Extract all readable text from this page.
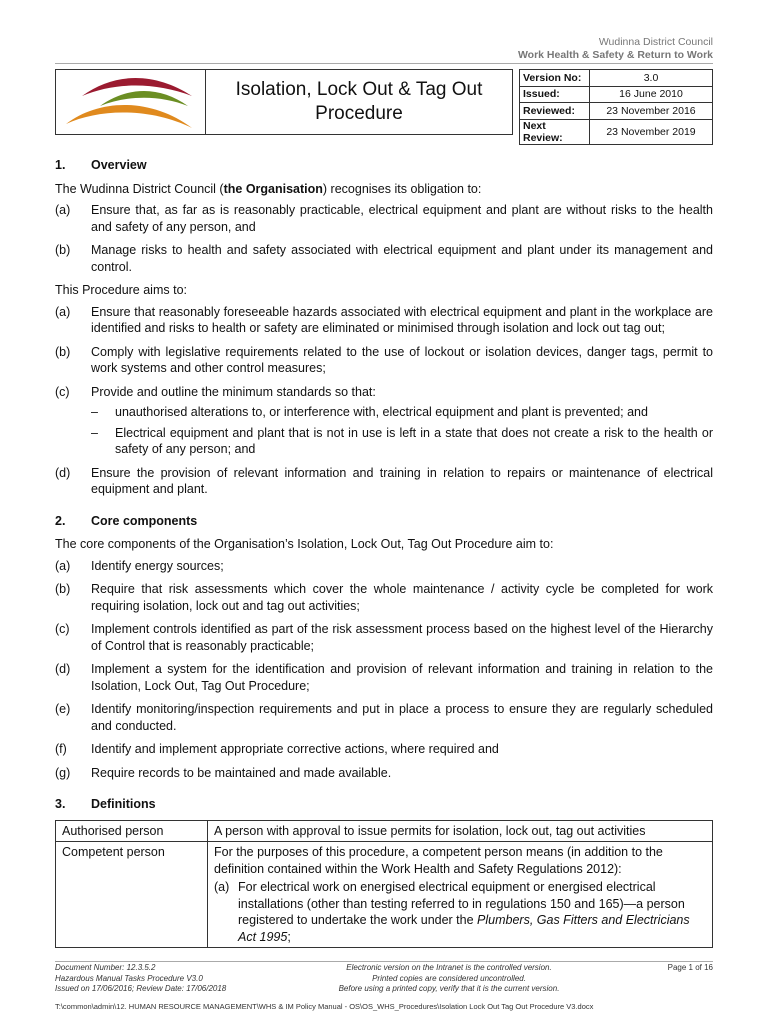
Wudinna District Council
Work Health & Safety & Return to Work
Isolation, Lock Out & Tag Out
Procedure
Version No:	3.0
Issued:	16 June 2010
Reviewed:	23 November 2016
Next Review:	23 November 2019
1.	Overview
The Wudinna District Council (the Organisation) recognises its obligation to:
(a)	Ensure that, as far as is reasonably practicable, electrical equipment and plant are without risks to the health and safety of any person, and
(b)	Manage risks to health and safety associated with electrical equipment and plant under its management and control.
This Procedure aims to:
(a)	Ensure that reasonably foreseeable hazards associated with electrical equipment and plant in the workplace are identified and risks to health or safety are eliminated or minimised through isolation and lock out tag out;
(b)	Comply with legislative requirements related to the use of lockout or isolation devices, danger tags, permit to work systems and other control measures;
(c)	Provide and outline the minimum standards so that:
–	unauthorised alterations to, or interference with, electrical equipment and plant is prevented; and
–	Electrical equipment and plant that is not in use is left in a state that does not create a risk to the health or safety of any person; and
(d)	Ensure the provision of relevant information and training in relation to repairs or maintenance of electrical equipment and plant.
2.	Core components
The core components of the Organisation’s Isolation, Lock Out, Tag Out Procedure aim to:
(a)	Identify energy sources;
(b)	Require that risk assessments which cover the whole maintenance / activity cycle be completed for work requiring isolation, lock out and tag out activities;
(c)	Implement controls identified as part of the risk assessment process based on the highest level of the Hierarchy of Control that is reasonably practicable;
(d)	Implement a system for the identification and provision of relevant information and training in relation to the Isolation, Lock Out, Tag Out Procedure;
(e)	Identify monitoring/inspection requirements and put in place a process to ensure they are regularly scheduled and conducted.
(f)	Identify and implement appropriate corrective actions, where required and
(g)	Require records to be maintained and made available.
3.	Definitions
Authorised person	A person with approval to issue permits for isolation, lock out, tag out activities
Competent person	For the purposes of this procedure, a competent person means (in addition to the definition contained within the Work Health and Safety Regulations 2012):
(a) For electrical work on energised electrical equipment or energised electrical installations (other than testing referred to in regulations 150 and 165)—a person registered to undertake the work under the Plumbers, Gas Fitters and Electricians Act 1995;
Document Number: 12.3.5.2	Electronic version on the Intranet is the controlled version.	Page 1 of 16
Hazardous Manual Tasks Procedure V3.0	Printed copies are considered uncontrolled.
Issued on 17/06/2016; Review Date: 17/06/2018	Before using a printed copy, verify that it is the current version.
T:\common\admin\12. HUMAN RESOURCE MANAGEMENT\WHS & IM Policy Manual - OS\OS_WHS_Procedures\Isolation Lock Out Tag Out Procedure V3.docx
